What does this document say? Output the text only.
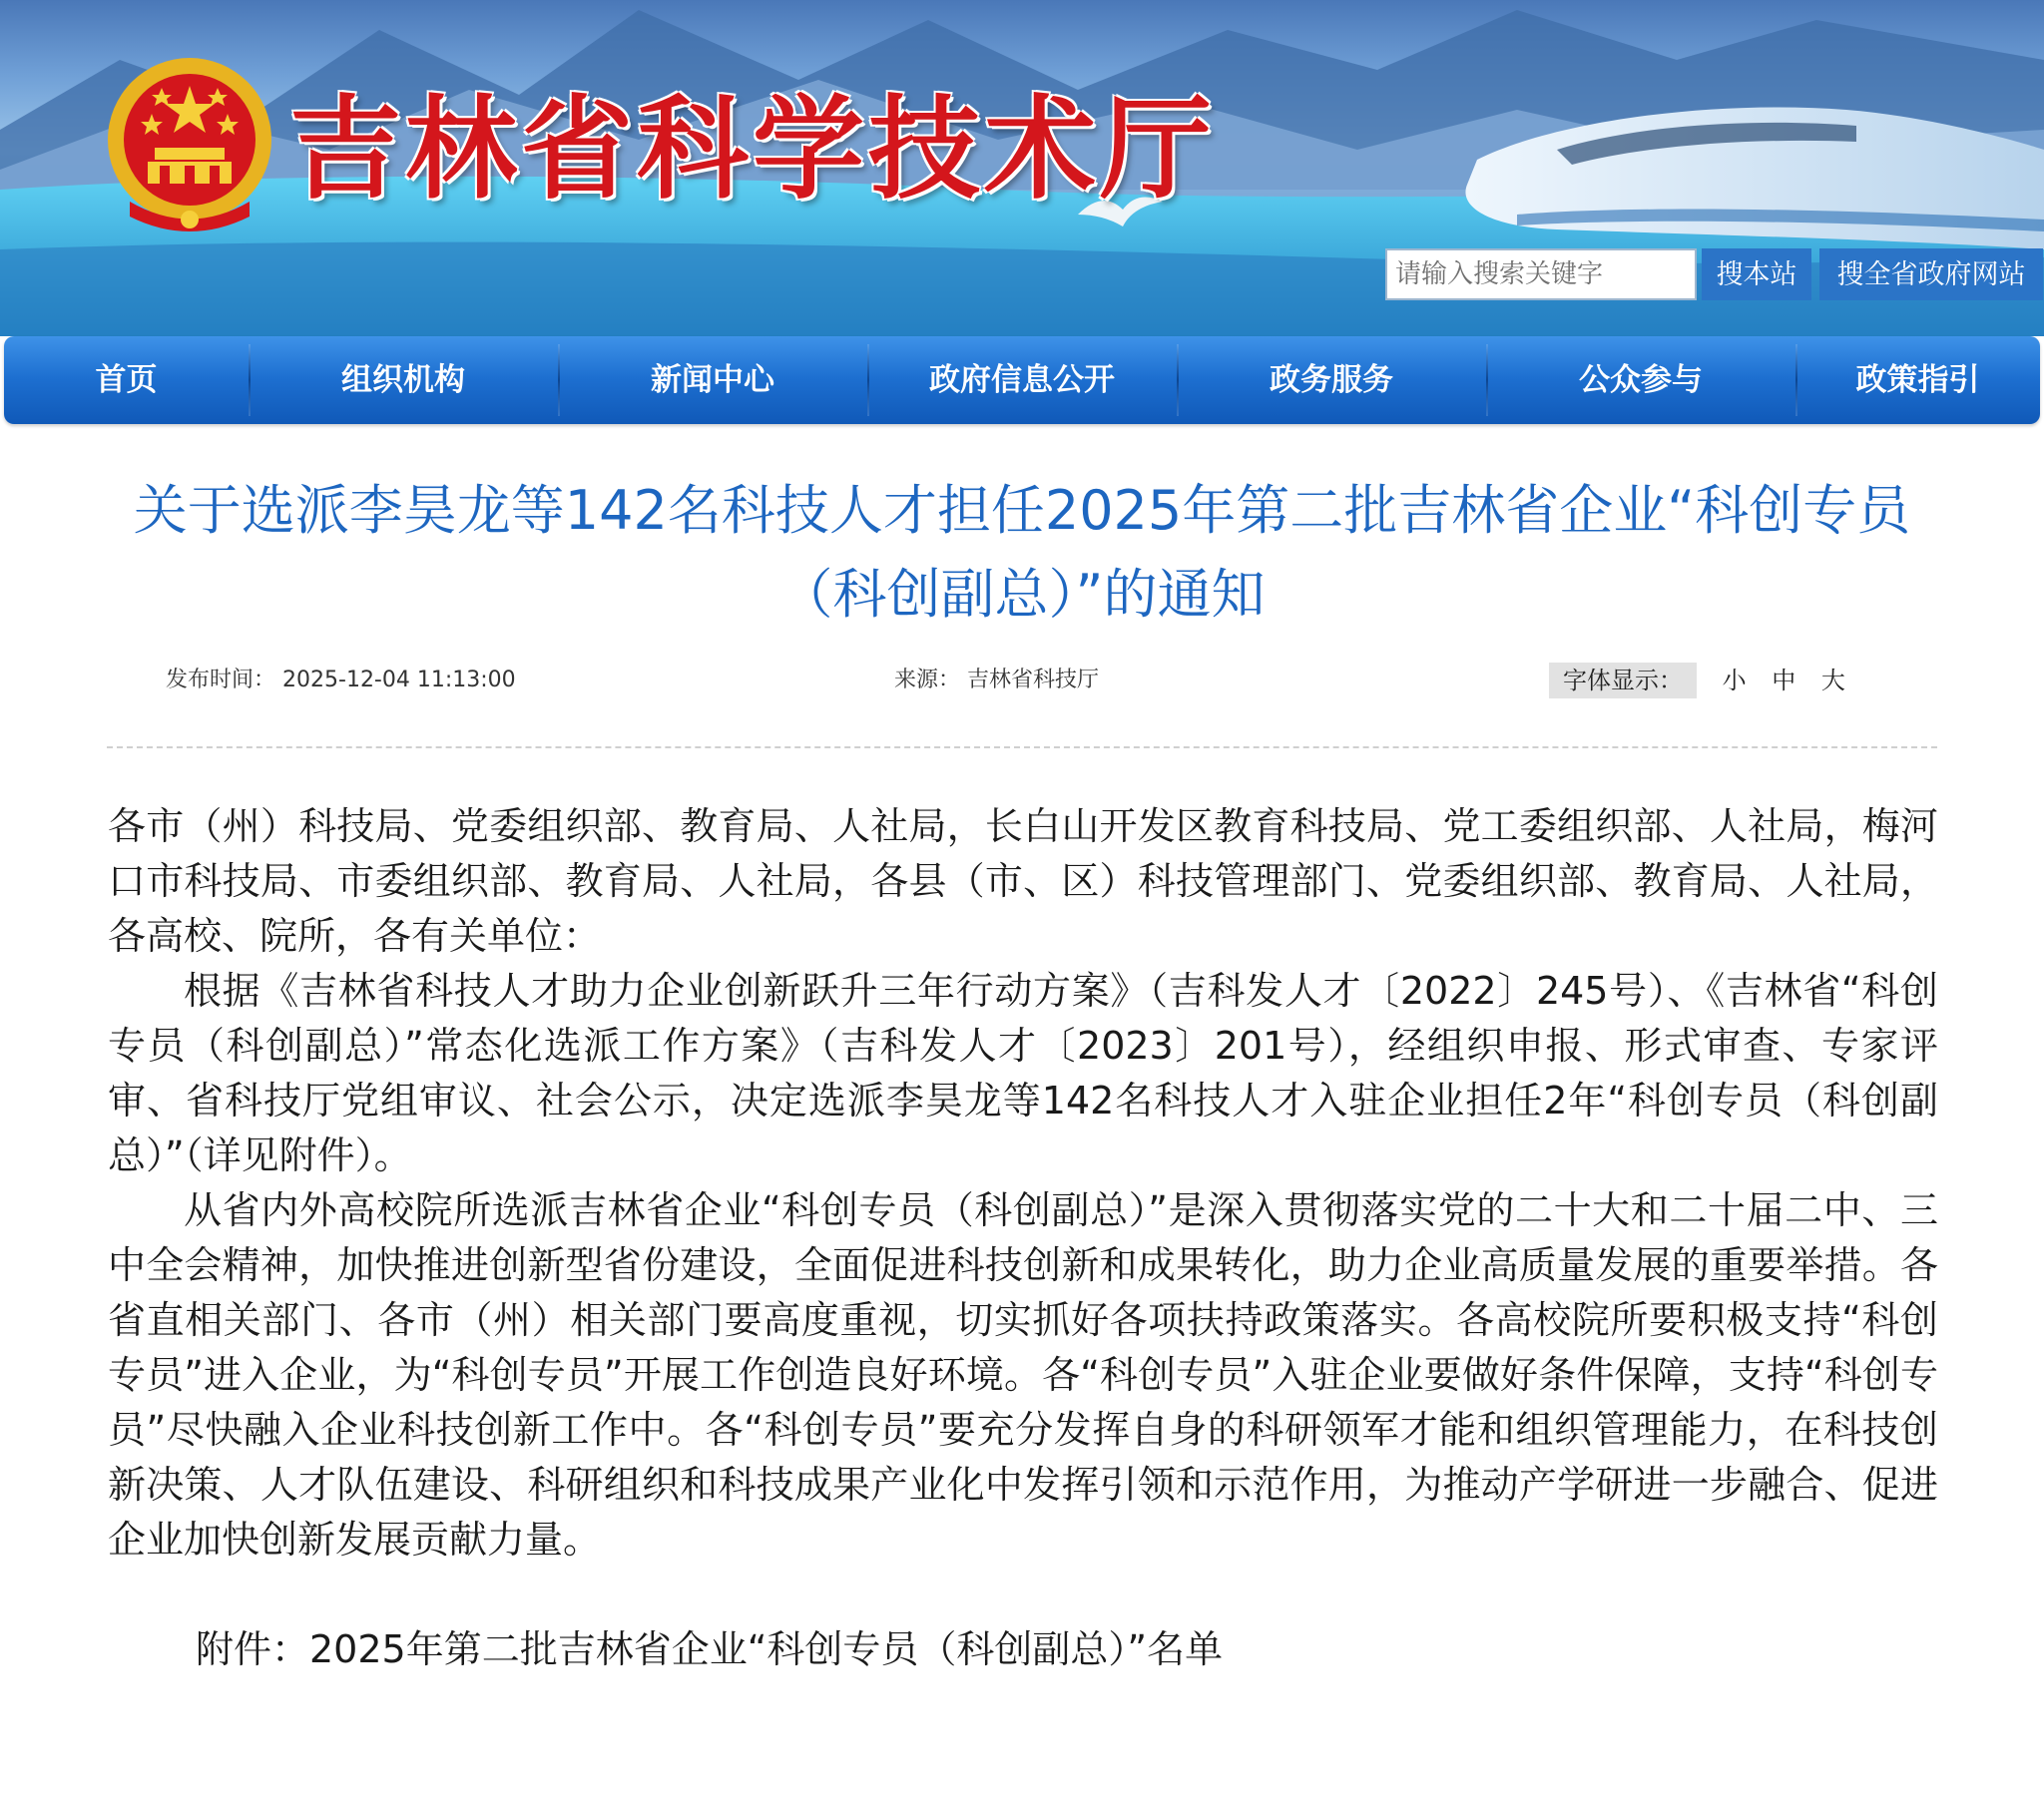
吉林省科学技术厅
请输入搜索关键字
搜本站	搜全省政府网站
首页	组织机构	新闻中心	政府信息公开	政务服务	公众参与	政策指引
关于选派李昊龙等142名科技人才担任2025年第二批吉林省企业“科创专员（科创副总）”的通知
发布时间： 2025-12-04 11:13:00	来源： 吉林省科技厅	字体显示： 小 中 大

各市（州）科技局、党委组织部、教育局、人社局，长白山开发区教育科技局、党工委组织部、人社局，梅河口市科技局、市委组织部、教育局、人社局，各县（市、区）科技管理部门、党委组织部、教育局、人社局，各高校、院所，各有关单位：

根据《吉林省科技人才助力企业创新跃升三年行动方案》（吉科发人才〔2022〕245号）、《吉林省“科创专员（科创副总）”常态化选派工作方案》（吉科发人才〔2023〕201号），经组织申报、形式审查、专家评审、省科技厅党组审议、社会公示，决定选派李昊龙等142名科技人才入驻企业担任2年“科创专员（科创副总）”（详见附件）。

从省内外高校院所选派吉林省企业“科创专员（科创副总）”是深入贯彻落实党的二十大和二十届二中、三中全会精神，加快推进创新型省份建设，全面促进科技创新和成果转化，助力企业高质量发展的重要举措。各省直相关部门、各市（州）相关部门要高度重视，切实抓好各项扶持政策落实。各高校院所要积极支持“科创专员”进入企业，为“科创专员”开展工作创造良好环境。各“科创专员”入驻企业要做好条件保障，支持“科创专员”尽快融入企业科技创新工作中。各“科创专员”要充分发挥自身的科研领军才能和组织管理能力，在科技创新决策、人才队伍建设、科研组织和科技成果产业化中发挥引领和示范作用，为推动产学研进一步融合、促进企业加快创新发展贡献力量。

附件：2025年第二批吉林省企业“科创专员（科创副总）”名单
